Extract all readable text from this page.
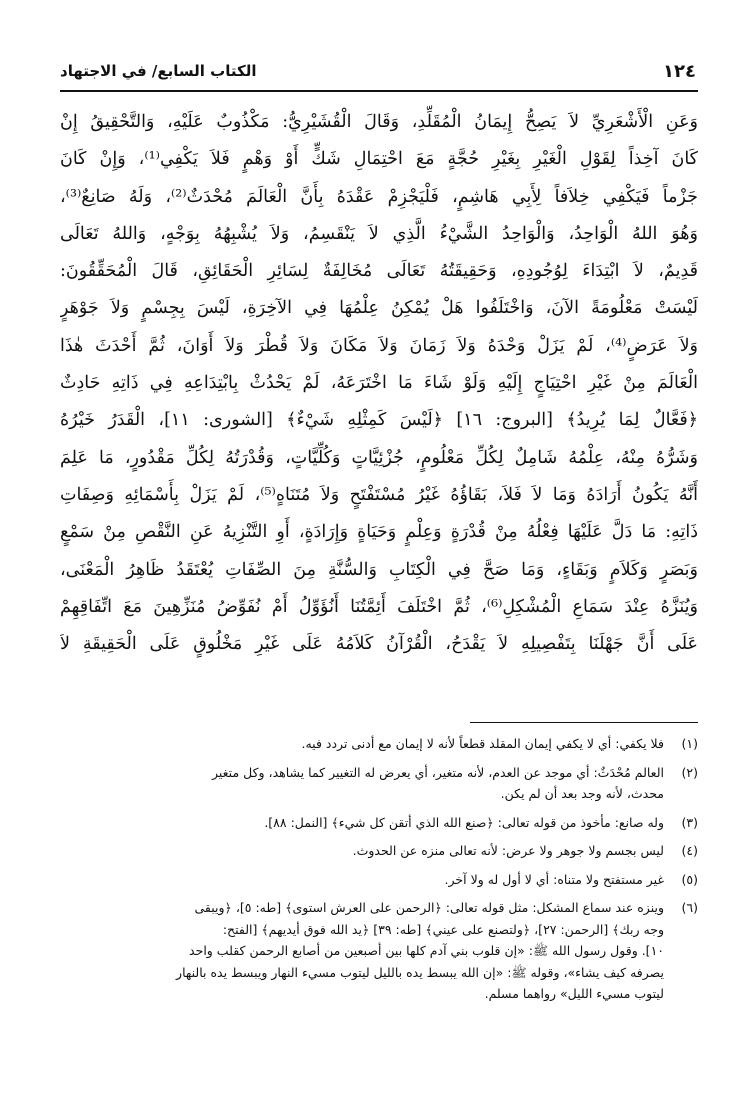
١٢٤
الكتاب السابع/ في الاجتهاد
وَعَنِ الْأَشْعَرِيِّ لاَ يَصِحُّ إِيمَانُ الْمُقَلِّدِ، وَقَالَ الْقُشَيْرِيُّ: مَكْذُوبٌ عَلَيْهِ، وَالتَّحْقِيقُ إِنْ
كَانَ آخِذاً لِقَوْلِ الْغَيْرِ بِغَيْرِ حُجَّةٍ مَعَ احْتِمَالِ شَكٍّ أَوْ وَهْمٍ فَلاَ يَكْفِي⁽¹⁾، وَإِنْ كَانَ
جَزْماً فَيَكْفِي خِلاَفاً لِأَبِي هَاشِمٍ، فَلْيَجْزِمْ عَقْدَهُ بِأَنَّ الْعَالَمَ مُحْدَثٌ⁽²⁾، وَلَهُ صَانِعٌ⁽³⁾،
وَهُوَ اللهُ الْوَاحِدُ، وَالْوَاحِدُ الشَّيْءُ الَّذِي لاَ يَنْقَسِمُ، وَلاَ يُشْبِهُهُ بِوَجْهٍ، وَاللهُ تَعَالَى
قَدِيمٌ، لاَ ابْتِدَاءَ لِوُجُودِهِ، وَحَقِيقَتُهُ تَعَالَى مُخَالِفَةٌ لِسَائِرِ الْحَقَائِقِ، قَالَ الْمُحَقِّقُونَ:
لَيْسَتْ مَعْلُومَةً الآنَ، وَاخْتَلَفُوا هَلْ يُمْكِنُ عِلْمُهَا فِي الآخِرَةِ، لَيْسَ بِجِسْمٍ وَلاَ جَوْهَرٍ
وَلاَ عَرَضٍ⁽⁴⁾، لَمْ يَزَلْ وَحْدَهُ وَلاَ زَمَانَ وَلاَ مَكَانَ وَلاَ قُطْرَ وَلاَ أَوَانَ، ثُمَّ أَحْدَثَ هٰذَا
الْعَالَمَ مِنْ غَيْرِ احْتِيَاجٍ إِلَيْهِ وَلَوْ شَاءَ مَا اخْتَرَعَهُ، لَمْ يَحْدُثْ بِابْتِدَاعِهِ فِي ذَاتِهِ حَادِثٌ
﴿فَعَّالٌ لِمَا يُرِيدُ﴾ [البروج: ١٦] ﴿لَيْسَ كَمِثْلِهِ شَيْءٌ﴾ [الشورى: ١١]، الْقَدَرُ خَيْرُهُ
وَشَرُّهُ مِنْهُ، عِلْمُهُ شَامِلٌ لِكُلِّ مَعْلُومٍ، جُزْئِيَّاتٍ وَكُلِّيَّاتٍ، وَقُدْرَتُهُ لِكُلِّ مَقْدُورٍ، مَا عَلِمَ
أَنَّهُ يَكُونُ أَرَادَهُ وَمَا لاَ فَلاَ، بَقَاؤُهُ غَيْرُ مُسْتَفْتَحٍ وَلاَ مُتَنَاهٍ⁽⁵⁾، لَمْ يَزَلْ بِأَسْمَائِهِ وَصِفَاتِ
ذَاتِهِ: مَا دَلَّ عَلَيْهَا فِعْلُهُ مِنْ قُدْرَةٍ وَعِلْمٍ وَحَيَاةٍ وَإِرَادَةٍ، أَوِ التَّنْزِيهُ عَنِ النَّقْصِ مِنْ سَمْعٍ
وَبَصَرٍ وَكَلاَمٍ وَبَقَاءٍ، وَمَا صَحَّ فِي الْكِتَابِ وَالسُّنَّةِ مِنَ الصِّفَاتِ يُعْتَقَدُ ظَاهِرُ الْمَعْنَى،
وَيُنَزَّهُ عِنْدَ سَمَاعِ الْمُشْكِلِ⁽⁶⁾، ثُمَّ اخْتَلَفَ أَئِمَّتُنَا أَنُؤَوِّلُ أَمْ نُفَوِّضُ مُنَزِّهِينَ مَعَ اتِّفَاقِهِمْ
عَلَى أَنَّ جَهْلَنَا بِتَفْصِيلِهِ لاَ يَقْدَحُ، الْقُرْآنُ كَلاَمُهُ عَلَى غَيْرِ مَخْلُوقٍ عَلَى الْحَقِيقَةِ لاَ
(١)
فلا يكفي: أي لا يكفي إيمان المقلد قطعاً لأنه لا إيمان مع أدنى تردد فيه.
(٢)
العالم مُحْدَثٌ: أي موجد عن العدم، لأنه متغير، أي يعرض له التغيير كما يشاهد، وكل متغير
محدث، لأنه وجد بعد أن لم يكن.
(٣)
وله صانع: مأخوذ من قوله تعالى: ﴿صنع الله الذي أتقن كل شيء﴾ [النمل: ٨٨].
(٤)
ليس بجسم ولا جوهر ولا عرض: لأنه تعالى منزه عن الحدوث.
(٥)
غير مستفتح ولا متناه: أي لا أول له ولا آخر.
(٦)
وينزه عند سماع المشكل: مثل قوله تعالى: ﴿الرحمن على العرش استوى﴾ [طه: ٥]، ﴿ويبقى
وجه ربك﴾ [الرحمن: ٢٧]، ﴿ولتصنع على عيني﴾ [طه: ٣٩] ﴿يد الله فوق أيديهم﴾ [الفتح:
١٠]. وقول رسول الله ﷺ: «إن قلوب بني آدم كلها بين أصبعين من أصابع الرحمن كقلب واحد
يصرفه كيف يشاء»، وقوله ﷺ: «إن الله يبسط يده بالليل ليتوب مسيء النهار ويبسط يده بالنهار
ليتوب مسيء الليل» رواهما مسلم.
